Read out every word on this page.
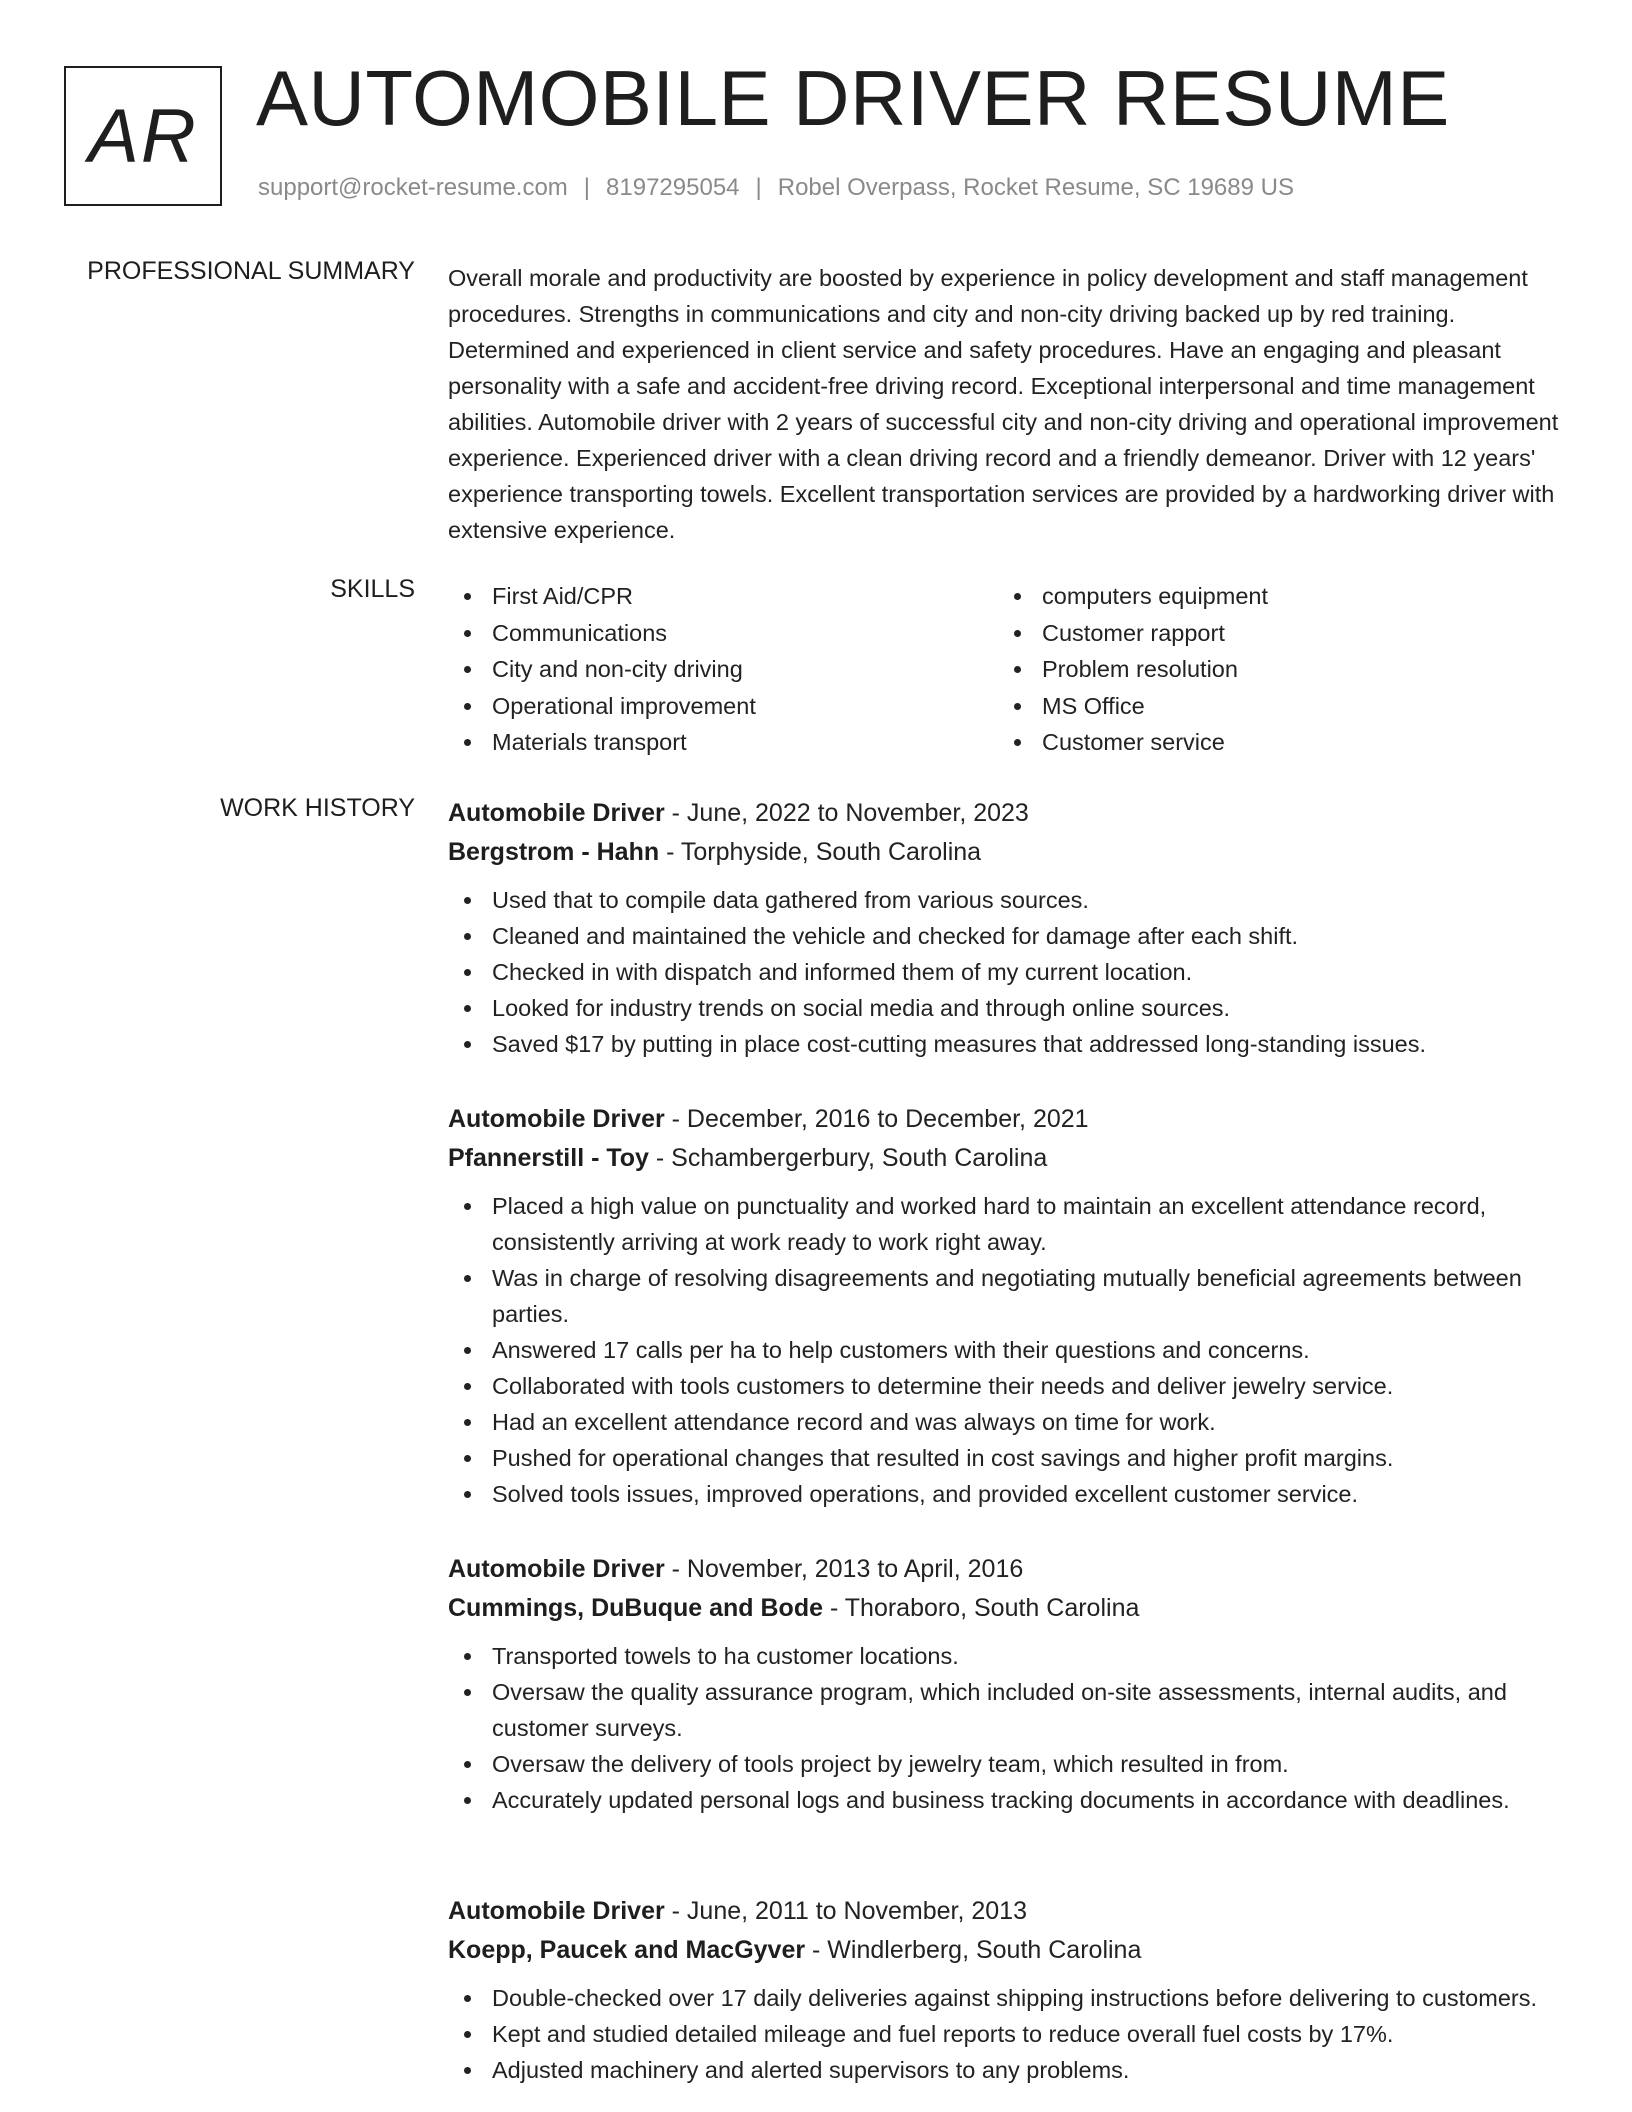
AR AUTOMOBILE DRIVER RESUME
support@rocket-resume.com | 8197295054 | Robel Overpass, Rocket Resume, SC 19689 US
PROFESSIONAL SUMMARY Overall morale and productivity are boosted by experience in policy development and staff management procedures. Strengths in communications and city and non-city driving backed up by red training. Determined and experienced in client service and safety procedures. Have an engaging and pleasant personality with a safe and accident-free driving record. Exceptional interpersonal and time management abilities. Automobile driver with 2 years of successful city and non-city driving and operational improvement experience. Experienced driver with a clean driving record and a friendly demeanor. Driver with 12 years' experience transporting towels. Excellent transportation services are provided by a hardworking driver with extensive experience.

SKILLS	First Aid/CPR
Communications
City and non-city driving
Operational improvement
Materials transport
computers equipment
Customer rapport
Problem resolution
MS Office
Customer service
WORK HISTORY Automobile Driver - June, 2022 to November, 2023
Bergstrom - Hahn - Torphyside, South Carolina
Used that to compile data gathered from various sources.
Cleaned and maintained the vehicle and checked for damage after each shift.
Checked in with dispatch and informed them of my current location.
Looked for industry trends on social media and through online sources.
Saved $17 by putting in place cost-cutting measures that addressed long-standing issues.
Automobile Driver - December, 2016 to December, 2021
Pfannerstill - Toy - Schambergerbury, South Carolina
Placed a high value on punctuality and worked hard to maintain an excellent attendance record, consistently arriving at work ready to work right away.
Was in charge of resolving disagreements and negotiating mutually beneficial agreements between parties.
Answered 17 calls per ha to help customers with their questions and concerns.
Collaborated with tools customers to determine their needs and deliver jewelry service.
Had an excellent attendance record and was always on time for work.
Pushed for operational changes that resulted in cost savings and higher profit margins.
Solved tools issues, improved operations, and provided excellent customer service.
Automobile Driver - November, 2013 to April, 2016
Cummings, DuBuque and Bode - Thoraboro, South Carolina
Transported towels to ha customer locations.
Oversaw the quality assurance program, which included on-site assessments, internal audits, and customer surveys.
Oversaw the delivery of tools project by jewelry team, which resulted in from.
Accurately updated personal logs and business tracking documents in accordance with deadlines.
Automobile Driver - June, 2011 to November, 2013
Koepp, Paucek and MacGyver - Windlerberg, South Carolina
Double-checked over 17 daily deliveries against shipping instructions before delivering to customers.
Kept and studied detailed mileage and fuel reports to reduce overall fuel costs by 17%.
Adjusted machinery and alerted supervisors to any problems.
